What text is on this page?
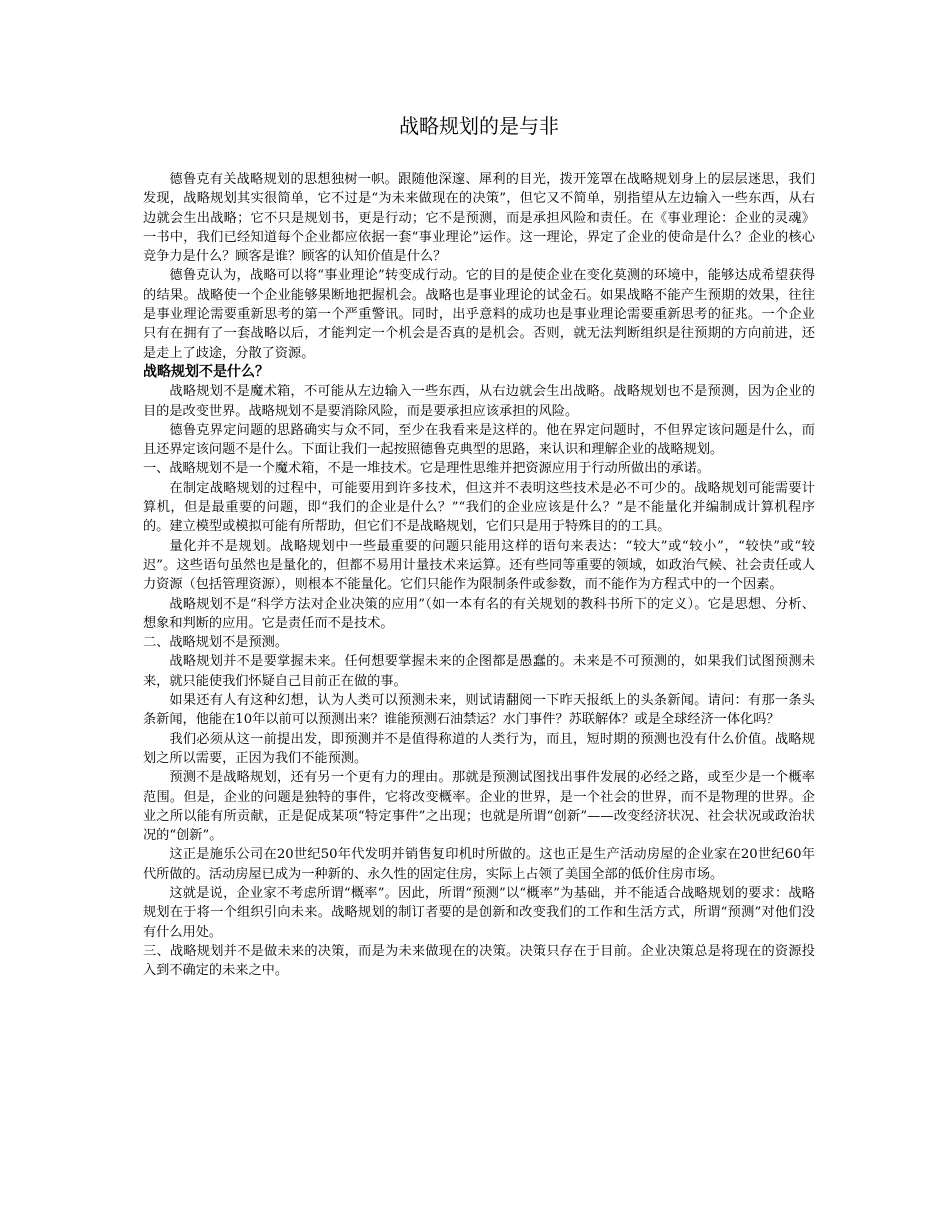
战略规划的是与非

德鲁克有关战略规划的思想独树一帜。跟随他深邃、犀利的目光，拨开笼罩在战略规划身上的层层迷思，我们发现，战略规划其实很简单，它不过是“为未来做现在的决策”，但它又不简单，别指望从左边输入一些东西，从右边就会生出战略；它不只是规划书，更是行动；它不是预测，而是承担风险和责任。在《事业理论：企业的灵魂》一书中，我们已经知道每个企业都应依据一套“事业理论”运作。这一理论，界定了企业的使命是什么？企业的核心竞争力是什么？顾客是谁？顾客的认知价值是什么？

德鲁克认为，战略可以将“事业理论”转变成行动。它的目的是使企业在变化莫测的环境中，能够达成希望获得的结果。战略使一个企业能够果断地把握机会。战略也是事业理论的试金石。如果战略不能产生预期的效果，往往是事业理论需要重新思考的第一个严重警讯。同时，出乎意料的成功也是事业理论需要重新思考的征兆。一个企业只有在拥有了一套战略以后，才能判定一个机会是否真的是机会。否则，就无法判断组织是往预期的方向前进，还是走上了歧途，分散了资源。

战略规划不是什么？

战略规划不是魔术箱，不可能从左边输入一些东西，从右边就会生出战略。战略规划也不是预测，因为企业的目的是改变世界。战略规划不是要消除风险，而是要承担应该承担的风险。

德鲁克界定问题的思路确实与众不同，至少在我看来是这样的。他在界定问题时，不但界定该问题是什么，而且还界定该问题不是什么。下面让我们一起按照德鲁克典型的思路，来认识和理解企业的战略规划。

一、战略规划不是一个魔术箱，不是一堆技术。它是理性思维并把资源应用于行动所做出的承诺。

在制定战略规划的过程中，可能要用到许多技术，但这并不表明这些技术是必不可少的。战略规划可能需要计算机，但是最重要的问题，即“我们的企业是什么？”“我们的企业应该是什么？”是不能量化并编制成计算机程序的。建立模型或模拟可能有所帮助，但它们不是战略规划，它们只是用于特殊目的的工具。

量化并不是规划。战略规划中一些最重要的问题只能用这样的语句来表达：“较大”或“较小”，“较快”或“较迟”。这些语句虽然也是量化的，但都不易用计量技术来运算。还有些同等重要的领域，如政治气候、社会责任或人力资源（包括管理资源），则根本不能量化。它们只能作为限制条件或参数，而不能作为方程式中的一个因素。

战略规划不是“科学方法对企业决策的应用”（如一本有名的有关规划的教科书所下的定义）。它是思想、分析、想象和判断的应用。它是责任而不是技术。

二、战略规划不是预测。

战略规划并不是要掌握未来。任何想要掌握未来的企图都是愚蠢的。未来是不可预测的，如果我们试图预测未来，就只能使我们怀疑自己目前正在做的事。

如果还有人有这种幻想，认为人类可以预测未来，则试请翻阅一下昨天报纸上的头条新闻。请问：有那一条头条新闻，他能在10年以前可以预测出来？谁能预测石油禁运？水门事件？苏联解体？或是全球经济一体化吗？

我们必须从这一前提出发，即预测并不是值得称道的人类行为，而且，短时期的预测也没有什么价值。战略规划之所以需要，正因为我们不能预测。

预测不是战略规划，还有另一个更有力的理由。那就是预测试图找出事件发展的必经之路，或至少是一个概率范围。但是，企业的问题是独特的事件，它将改变概率。企业的世界，是一个社会的世界，而不是物理的世界。企业之所以能有所贡献，正是促成某项“特定事件”之出现；也就是所谓“创新”——改变经济状况、社会状况或政治状况的“创新”。

这正是施乐公司在20世纪50年代发明并销售复印机时所做的。这也正是生产活动房屋的企业家在20世纪60年代所做的。活动房屋已成为一种新的、永久性的固定住房，实际上占领了美国全部的低价住房市场。

这就是说，企业家不考虑所谓“概率”。因此，所谓“预测”以“概率”为基础，并不能适合战略规划的要求：战略规划在于将一个组织引向未来。战略规划的制订者要的是创新和改变我们的工作和生活方式，所谓“预测”对他们没有什么用处。

三、战略规划并不是做未来的决策，而是为未来做现在的决策。决策只存在于目前。企业决策总是将现在的资源投入到不确定的未来之中。
